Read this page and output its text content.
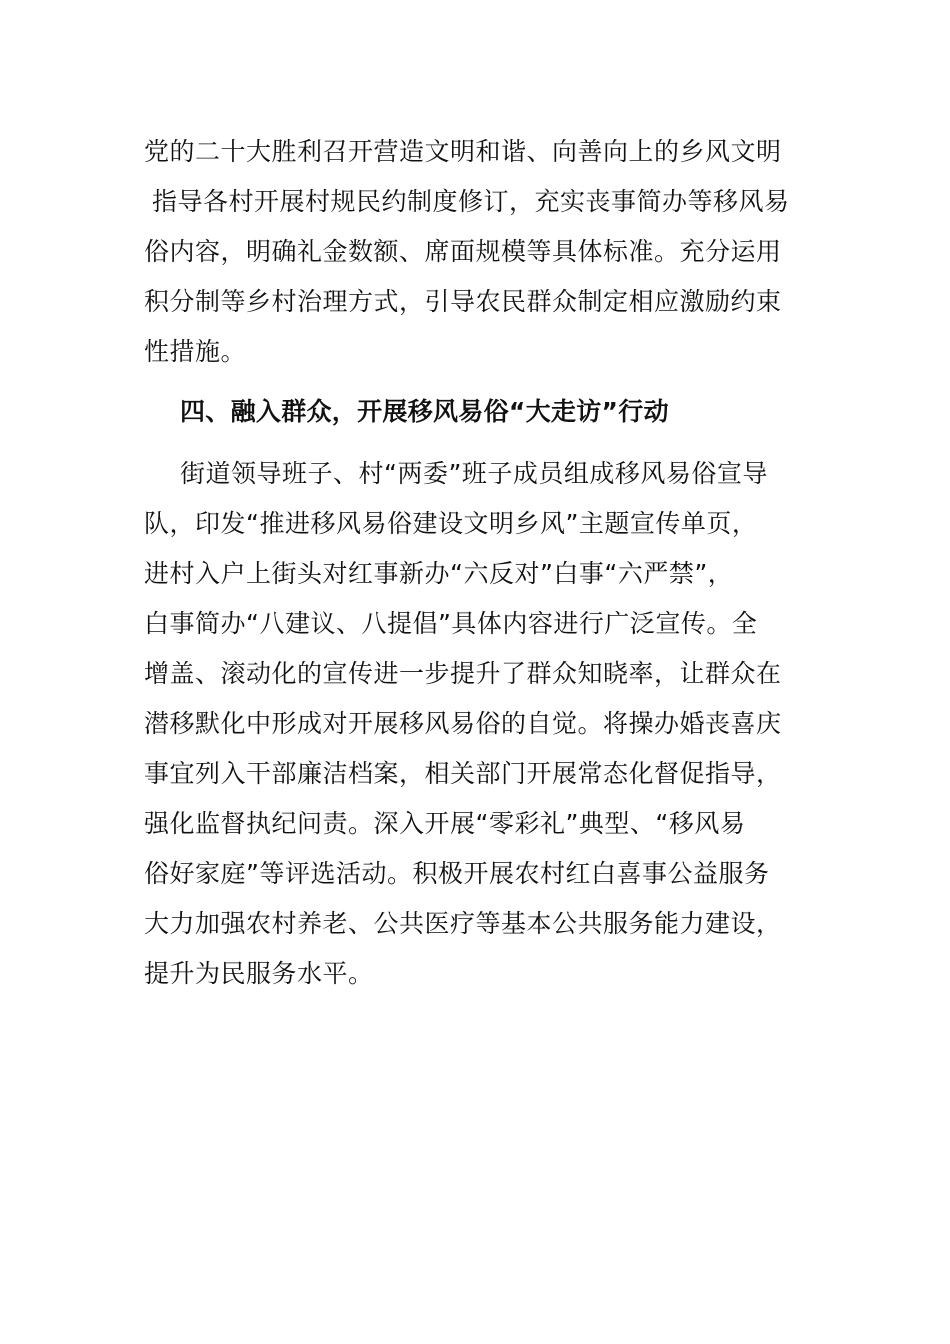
党的二十大胜利召开营造文明和谐、向善向上的乡风文明
指导各村开展村规民约制度修订，充实丧事简办等移风易
俗内容，明确礼金数额、席面规模等具体标准。充分运用
积分制等乡村治理方式，引导农民群众制定相应激励约束
性措施。
四、融入群众，开展移风易俗“大走访”行动
街道领导班子、村“两委”班子成员组成移风易俗宣导
队，印发“推进移风易俗建设文明乡风”主题宣传单页，
进村入户上街头对红事新办“六反对”白事“六严禁”，
白事简办“八建议、八提倡”具体内容进行广泛宣传。全
增盖、滚动化的宣传进一步提升了群众知晓率，让群众在
潜移默化中形成对开展移风易俗的自觉。将操办婚丧喜庆
事宜列入干部廉洁档案，相关部门开展常态化督促指导，
强化监督执纪问责。深入开展“零彩礼”典型、“移风易
俗好家庭”等评选活动。积极开展农村红白喜事公益服务
大力加强农村养老、公共医疗等基本公共服务能力建设，
提升为民服务水平。
